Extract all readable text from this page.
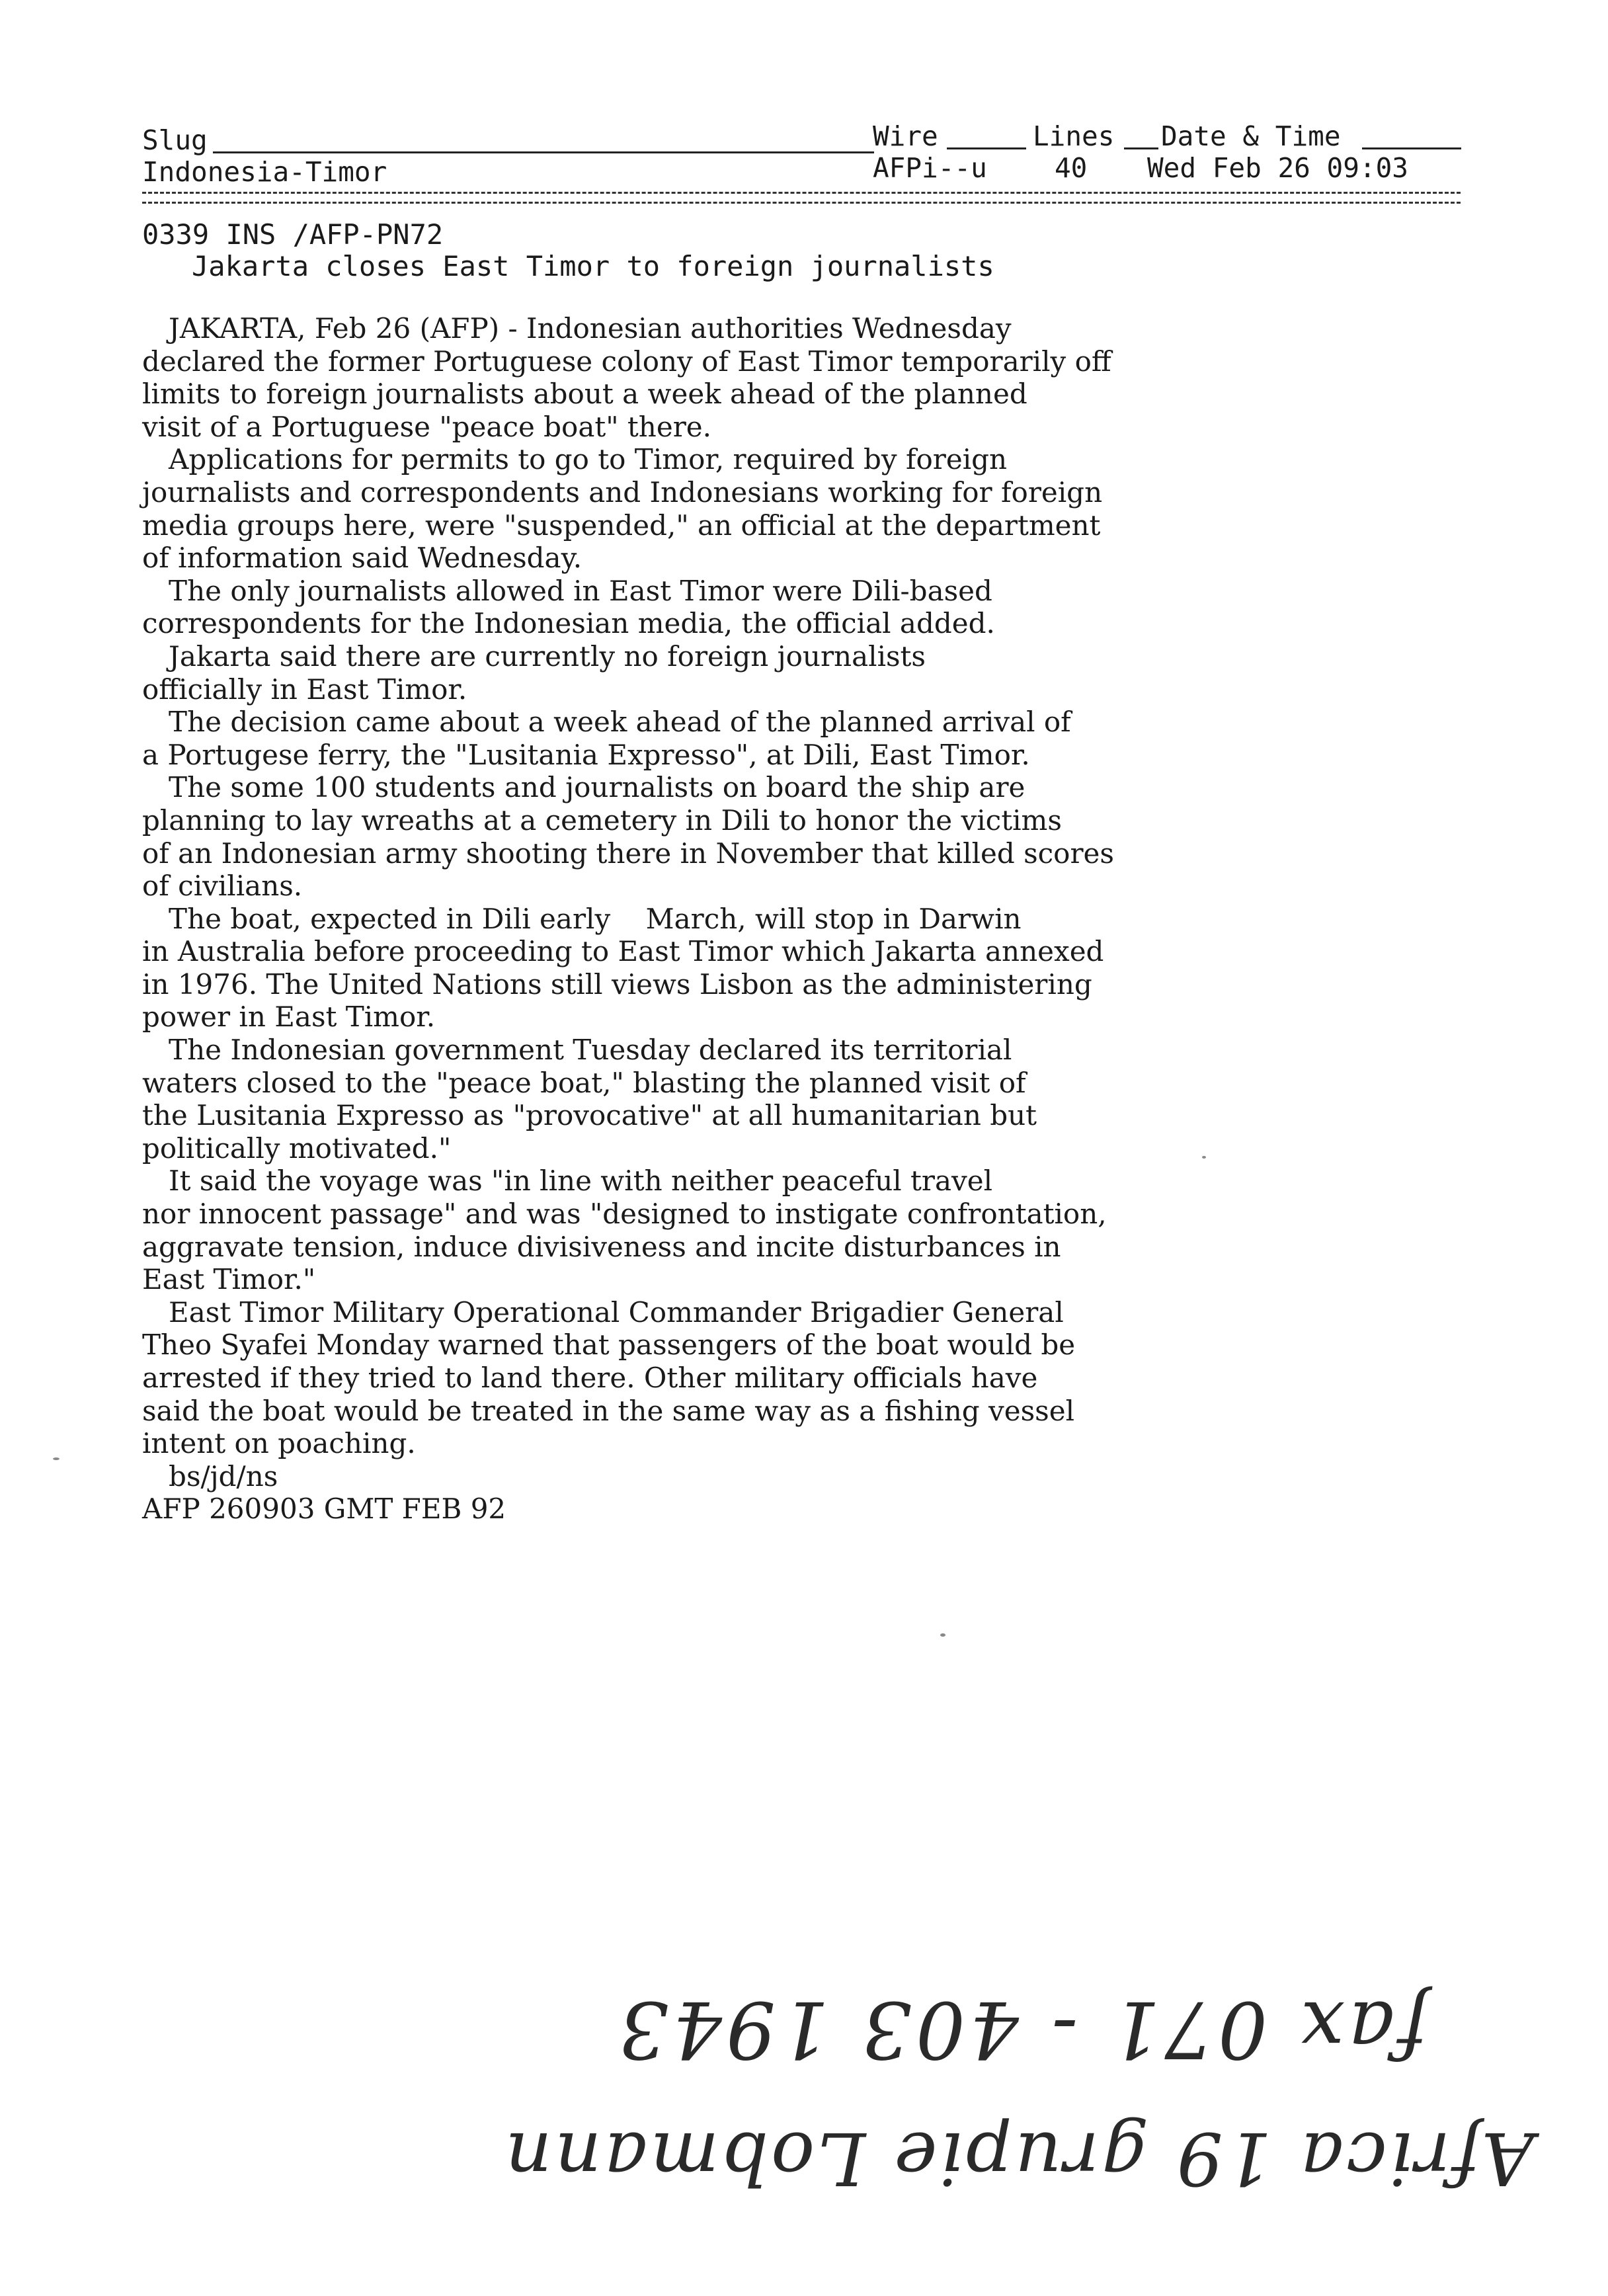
Slug	Wire	Lines Date & Time
Indonesia-Timor	AFPi--u 40 Wed Feb 26 09:03
0339 INS /AFP-PN72
Jakarta closes East Timor to foreign journalists
JAKARTA, Feb 26 (AFP) - Indonesian authorities Wednesday
declared the former Portuguese colony of East Timor temporarily off
limits to foreign journalists about a week ahead of the planned
visit of a Portuguese "peace boat" there.
Applications for permits to go to Timor, required by foreign
journalists and correspondents and Indonesians working for foreign
media groups here, were "suspended," an official at the department
of information said Wednesday.
The only journalists allowed in East Timor were Dili-based
correspondents for the Indonesian media, the official added.
Jakarta said there are currently no foreign journalists
officially in East Timor.
The decision came about a week ahead of the planned arrival of
a Portugese ferry, the "Lusitania Expresso", at Dili, East Timor.
The some 100 students and journalists on board the ship are
planning to lay wreaths at a cemetery in Dili to honor the victims
of an Indonesian army shooting there in November that killed scores
of civilians.
The boat, expected in Dili early    March, will stop in Darwin
in Australia before proceeding to East Timor which Jakarta annexed
in 1976. The United Nations still views Lisbon as the administering
power in East Timor.
The Indonesian government Tuesday declared its territorial
waters closed to the "peace boat," blasting the planned visit of
the Lusitania Expresso as "provocative" at all humanitarian but
politically motivated."
It said the voyage was "in line with neither peaceful travel
nor innocent passage" and was "designed to instigate confrontation,
aggravate tension, induce divisiveness and incite disturbances in
East Timor."
East Timor Military Operational Commander Brigadier General
Theo Syafei Monday warned that passengers of the boat would be
arrested if they tried to land there. Other military officials have
said the boat would be treated in the same way as a fishing vessel
intent on poaching.
bs/jd/ns
AFP 260903 GMT FEB 92
fax 071 - 403 1943
Africa 19 grupie Lobmann
